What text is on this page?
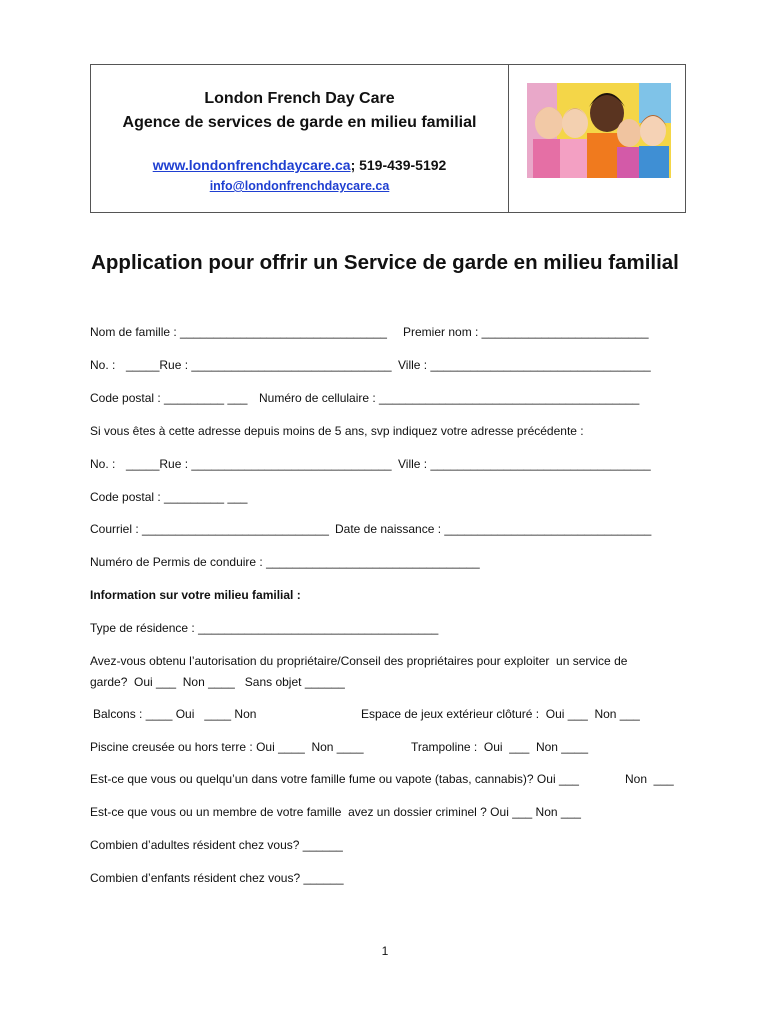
London French Day Care
Agence de services de garde en milieu familial
www.londonfrenchdaycare.ca; 519-439-5192
info@londonfrenchdaycare.ca
Application pour offrir un Service de garde en milieu familial
Nom de famille : _______________________________ Premier nom : _________________________
No. : _____Rue : ______________________________ Ville : _________________________________
Code postal : _________ ___ Numéro de cellulaire : _______________________________________
Si vous êtes à cette adresse depuis moins de 5 ans, svp indiquez votre adresse précédente :
No. : _____Rue : ______________________________ Ville : _________________________________
Code postal : _________ ___
Courriel : ____________________________ Date de naissance : _______________________________
Numéro de Permis de conduire : ________________________________
Information sur votre milieu familial :
Type de résidence : ____________________________________
Avez-vous obtenu l’autorisation du propriétaire/Conseil des propriétaires pour exploiter  un service de
garde?  Oui ___  Non ____   Sans objet ______
Balcons : ____ Oui   ____ Non	Espace de jeux extérieur clôturé :  Oui ___  Non ___
Piscine creusée ou hors terre : Oui ____  Non ____	Trampoline :  Oui  ___  Non ____
Est-ce que vous ou quelqu’un dans votre famille fume ou vapote (tabas, cannabis)? Oui ___	Non  ___
Est-ce que vous ou un membre de votre famille  avez un dossier criminel ? Oui ___ Non ___
Combien d’adultes résident chez vous? ______
Combien d’enfants résident chez vous? ______
1
